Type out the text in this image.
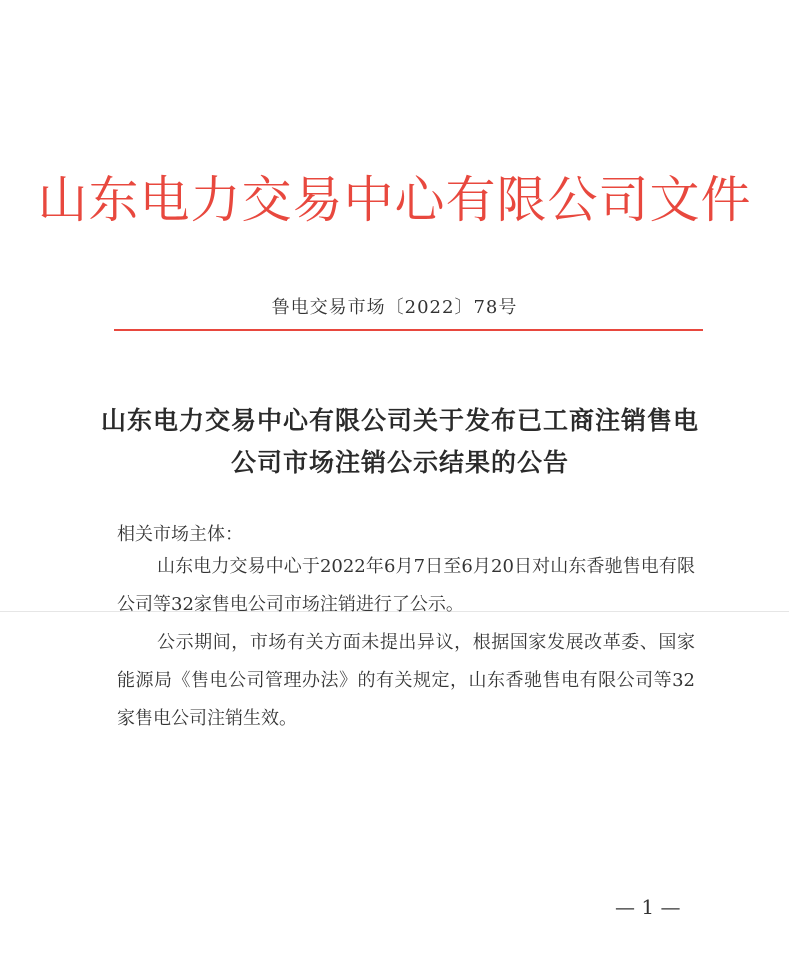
山东电力交易中心有限公司文件
鲁电交易市场〔2022〕78号
山东电力交易中心有限公司关于发布已工商注销售电公司市场注销公示结果的公告
相关市场主体：
山东电力交易中心于2022年6月7日至6月20日对山东香驰售电有限公司等32家售电公司市场注销进行了公示。
公示期间，市场有关方面未提出异议，根据国家发展改革委、国家能源局《售电公司管理办法》的有关规定，山东香驰售电有限公司等32家售电公司注销生效。
— 1 —
